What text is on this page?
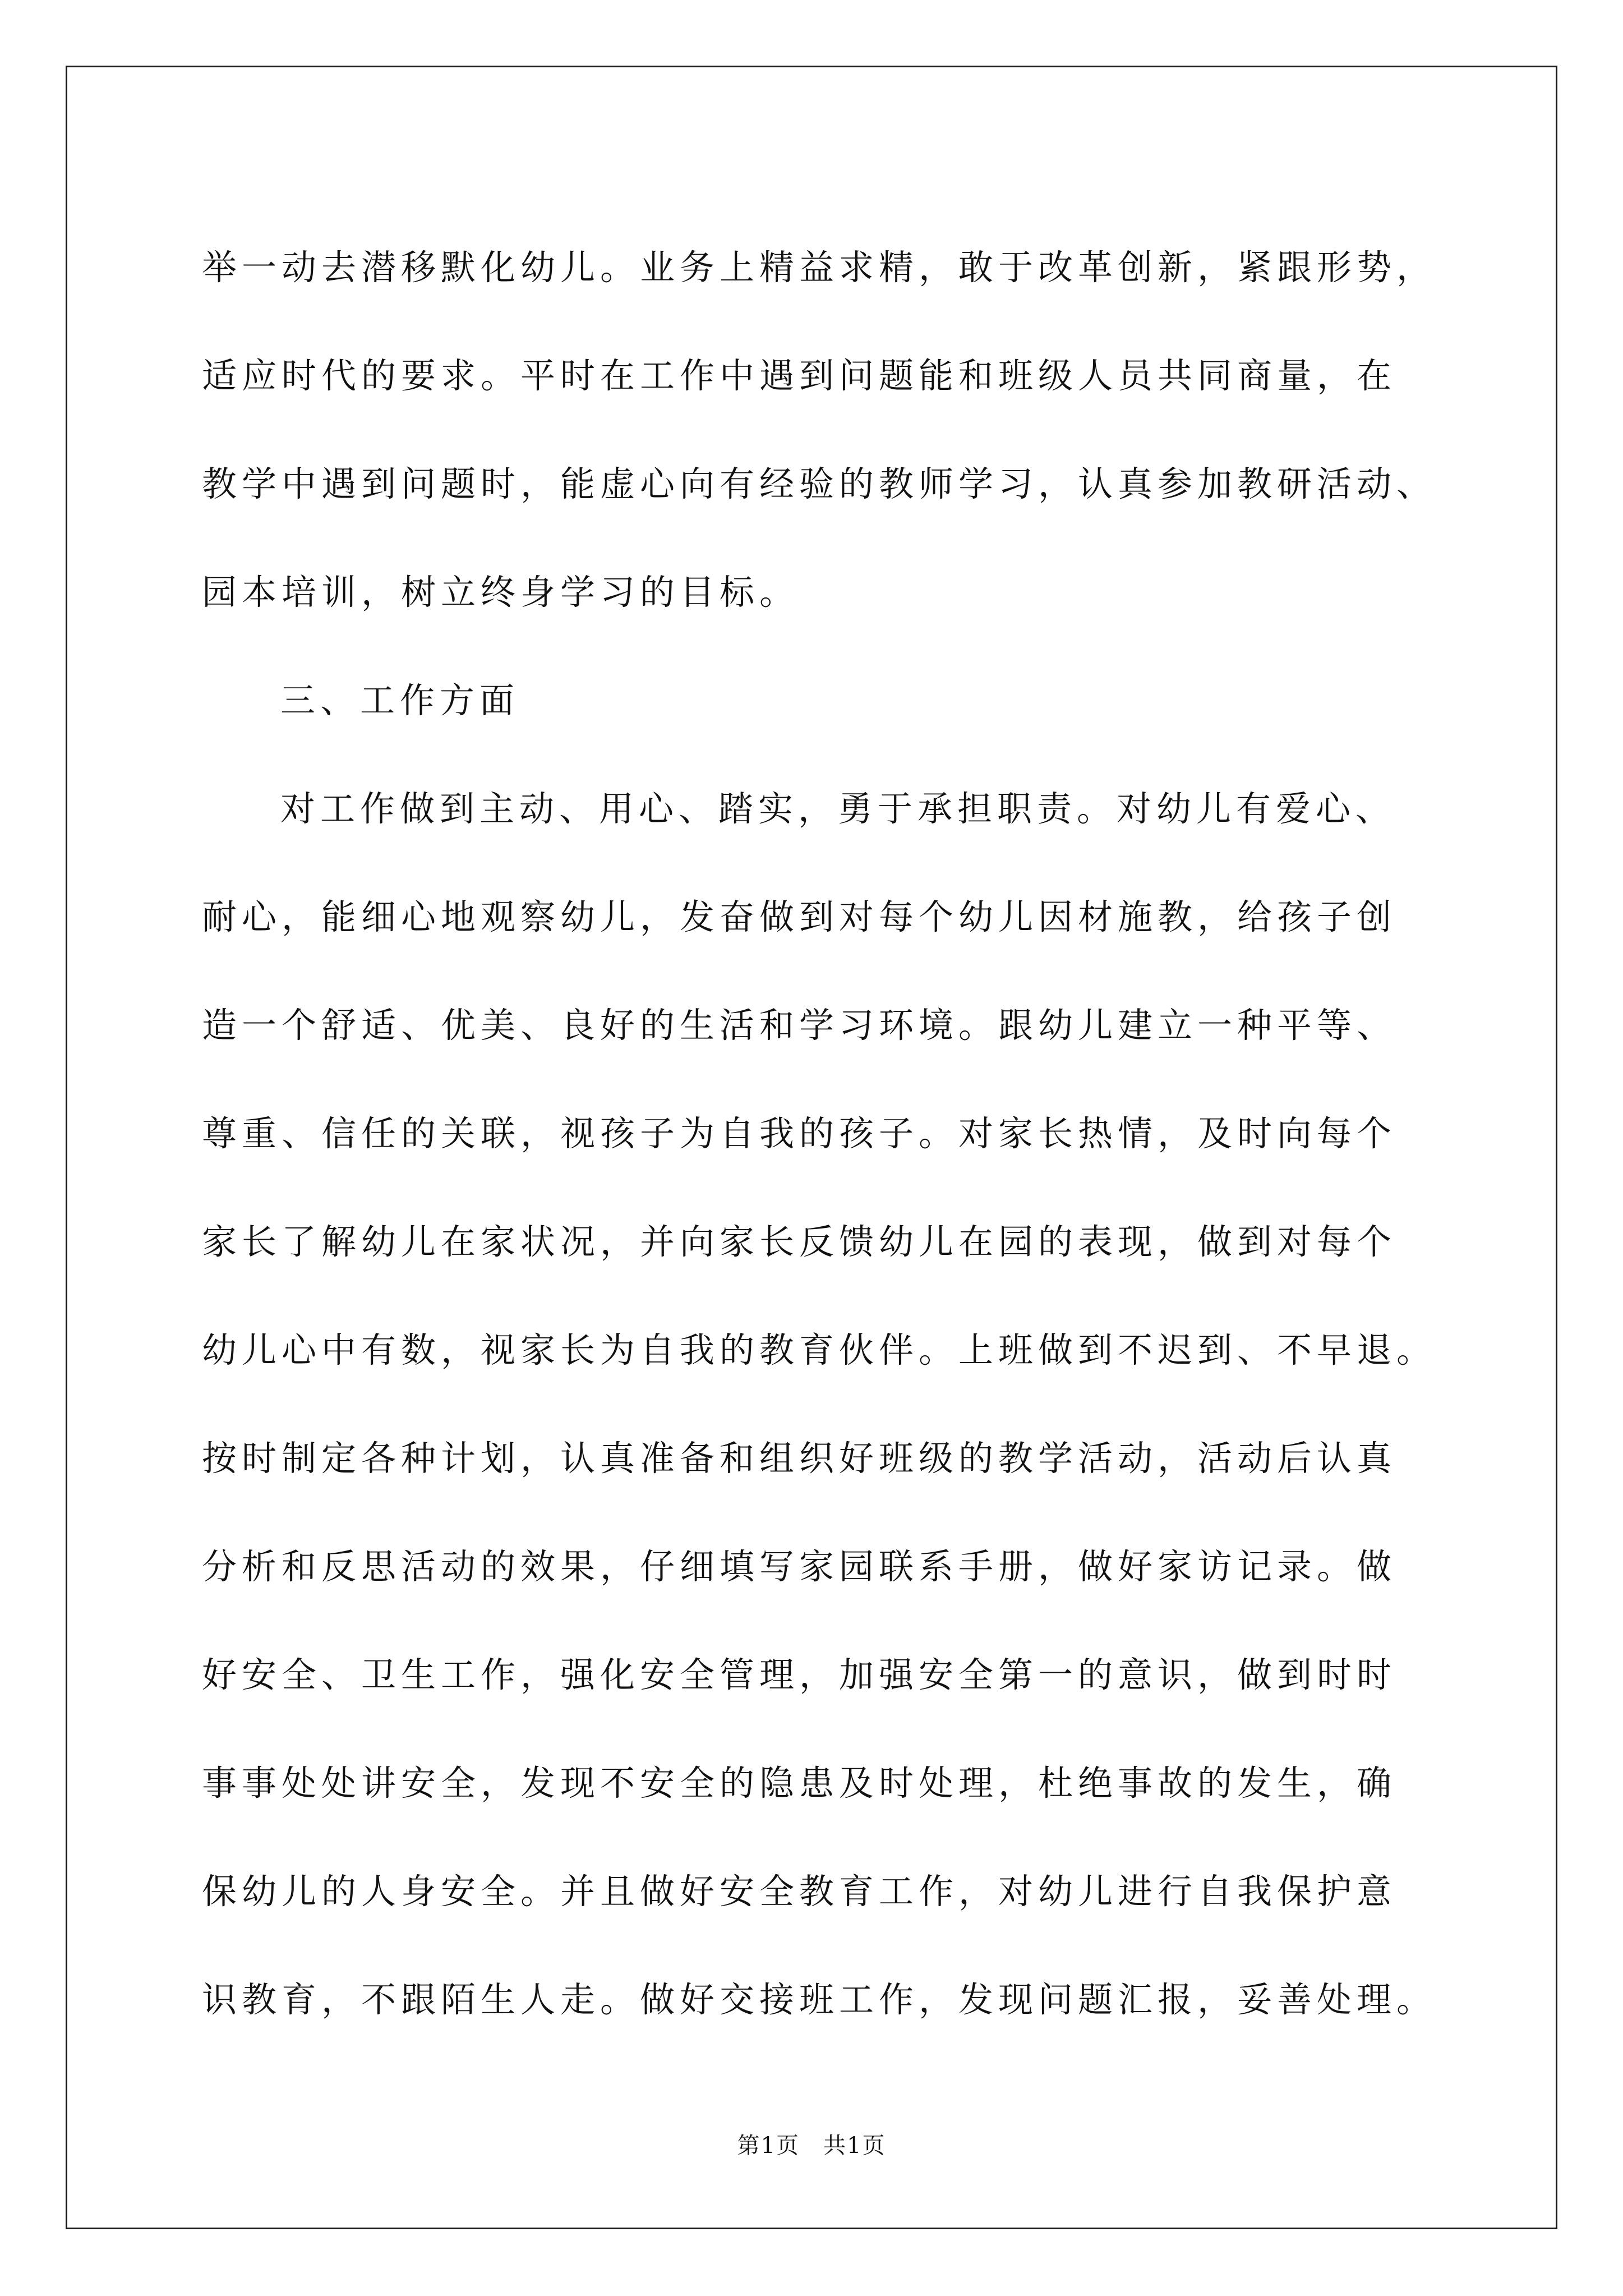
举一动去潜移默化幼儿。业务上精益求精，敢于改革创新，紧跟形势，
适应时代的要求。平时在工作中遇到问题能和班级人员共同商量，在
教学中遇到问题时，能虚心向有经验的教师学习，认真参加教研活动、
园本培训，树立终身学习的目标。
三、工作方面
对工作做到主动、用心、踏实，勇于承担职责。对幼儿有爱心、
耐心，能细心地观察幼儿，发奋做到对每个幼儿因材施教，给孩子创
造一个舒适、优美、良好的生活和学习环境。跟幼儿建立一种平等、
尊重、信任的关联，视孩子为自我的孩子。对家长热情，及时向每个
家长了解幼儿在家状况，并向家长反馈幼儿在园的表现，做到对每个
幼儿心中有数，视家长为自我的教育伙伴。上班做到不迟到、不早退。
按时制定各种计划，认真准备和组织好班级的教学活动，活动后认真
分析和反思活动的效果，仔细填写家园联系手册，做好家访记录。做
好安全、卫生工作，强化安全管理，加强安全第一的意识，做到时时
事事处处讲安全，发现不安全的隐患及时处理，杜绝事故的发生，确
保幼儿的人身安全。并且做好安全教育工作，对幼儿进行自我保护意
识教育，不跟陌生人走。做好交接班工作，发现问题汇报，妥善处理。
第1页　共1页
